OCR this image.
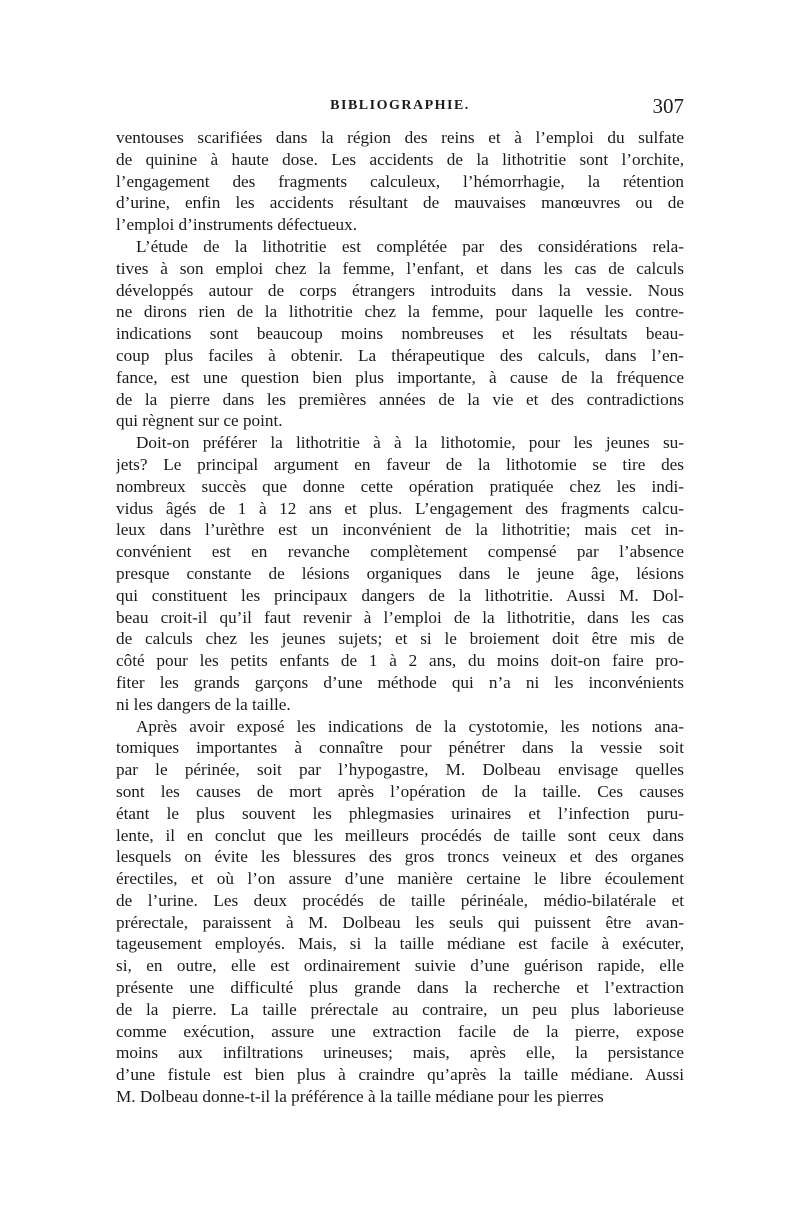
BIBLIOGRAPHIE.	307
ventouses scarifiées dans la région des reins et à l’emploi du sulfate
de quinine à haute dose. Les accidents de la lithotritie sont l’orchite,
l’engagement des fragments calculeux, l’hémorrhagie, la rétention
d’urine, enfin les accidents résultant de mauvaises manœuvres ou de
l’emploi d’instruments défectueux.
L’étude de la lithotritie est complétée par des considérations rela-
tives à son emploi chez la femme, l’enfant, et dans les cas de calculs
développés autour de corps étrangers introduits dans la vessie. Nous
ne dirons rien de la lithotritie chez la femme, pour laquelle les contre-
indications sont beaucoup moins nombreuses et les résultats beau-
coup plus faciles à obtenir. La thérapeutique des calculs, dans l’en-
fance, est une question bien plus importante, à cause de la fréquence
de la pierre dans les premières années de la vie et des contradictions
qui règnent sur ce point.
Doit-on préférer la lithotritie à à la lithotomie, pour les jeunes su-
jets? Le principal argument en faveur de la lithotomie se tire des
nombreux succès que donne cette opération pratiquée chez les indi-
vidus âgés de 1 à 12 ans et plus. L’engagement des fragments calcu-
leux dans l’urèthre est un inconvénient de la lithotritie; mais cet in-
convénient est en revanche complètement compensé par l’absence
presque constante de lésions organiques dans le jeune âge, lésions
qui constituent les principaux dangers de la lithotritie. Aussi M. Dol-
beau croit-il qu’il faut revenir à l’emploi de la lithotritie, dans les cas
de calculs chez les jeunes sujets; et si le broiement doit être mis de
côté pour les petits enfants de 1 à 2 ans, du moins doit-on faire pro-
fiter les grands garçons d’une méthode qui n’a ni les inconvénients
ni les dangers de la taille.
Après avoir exposé les indications de la cystotomie, les notions ana-
tomiques importantes à connaître pour pénétrer dans la vessie soit
par le périnée, soit par l’hypogastre, M. Dolbeau envisage quelles
sont les causes de mort après l’opération de la taille. Ces causes
étant le plus souvent les phlegmasies urinaires et l’infection puru-
lente, il en conclut que les meilleurs procédés de taille sont ceux dans
lesquels on évite les blessures des gros troncs veineux et des organes
érectiles, et où l’on assure d’une manière certaine le libre écoulement
de l’urine. Les deux procédés de taille périnéale, médio-bilatérale et
prérectale, paraissent à M. Dolbeau les seuls qui puissent être avan-
tageusement employés. Mais, si la taille médiane est facile à exécuter,
si, en outre, elle est ordinairement suivie d’une guérison rapide, elle
présente une difficulté plus grande dans la recherche et l’extraction
de la pierre. La taille prérectale au contraire, un peu plus laborieuse
comme exécution, assure une extraction facile de la pierre, expose
moins aux infiltrations urineuses; mais, après elle, la persistance
d’une fistule est bien plus à craindre qu’après la taille médiane. Aussi
M. Dolbeau donne-t-il la préférence à la taille médiane pour les pierres
